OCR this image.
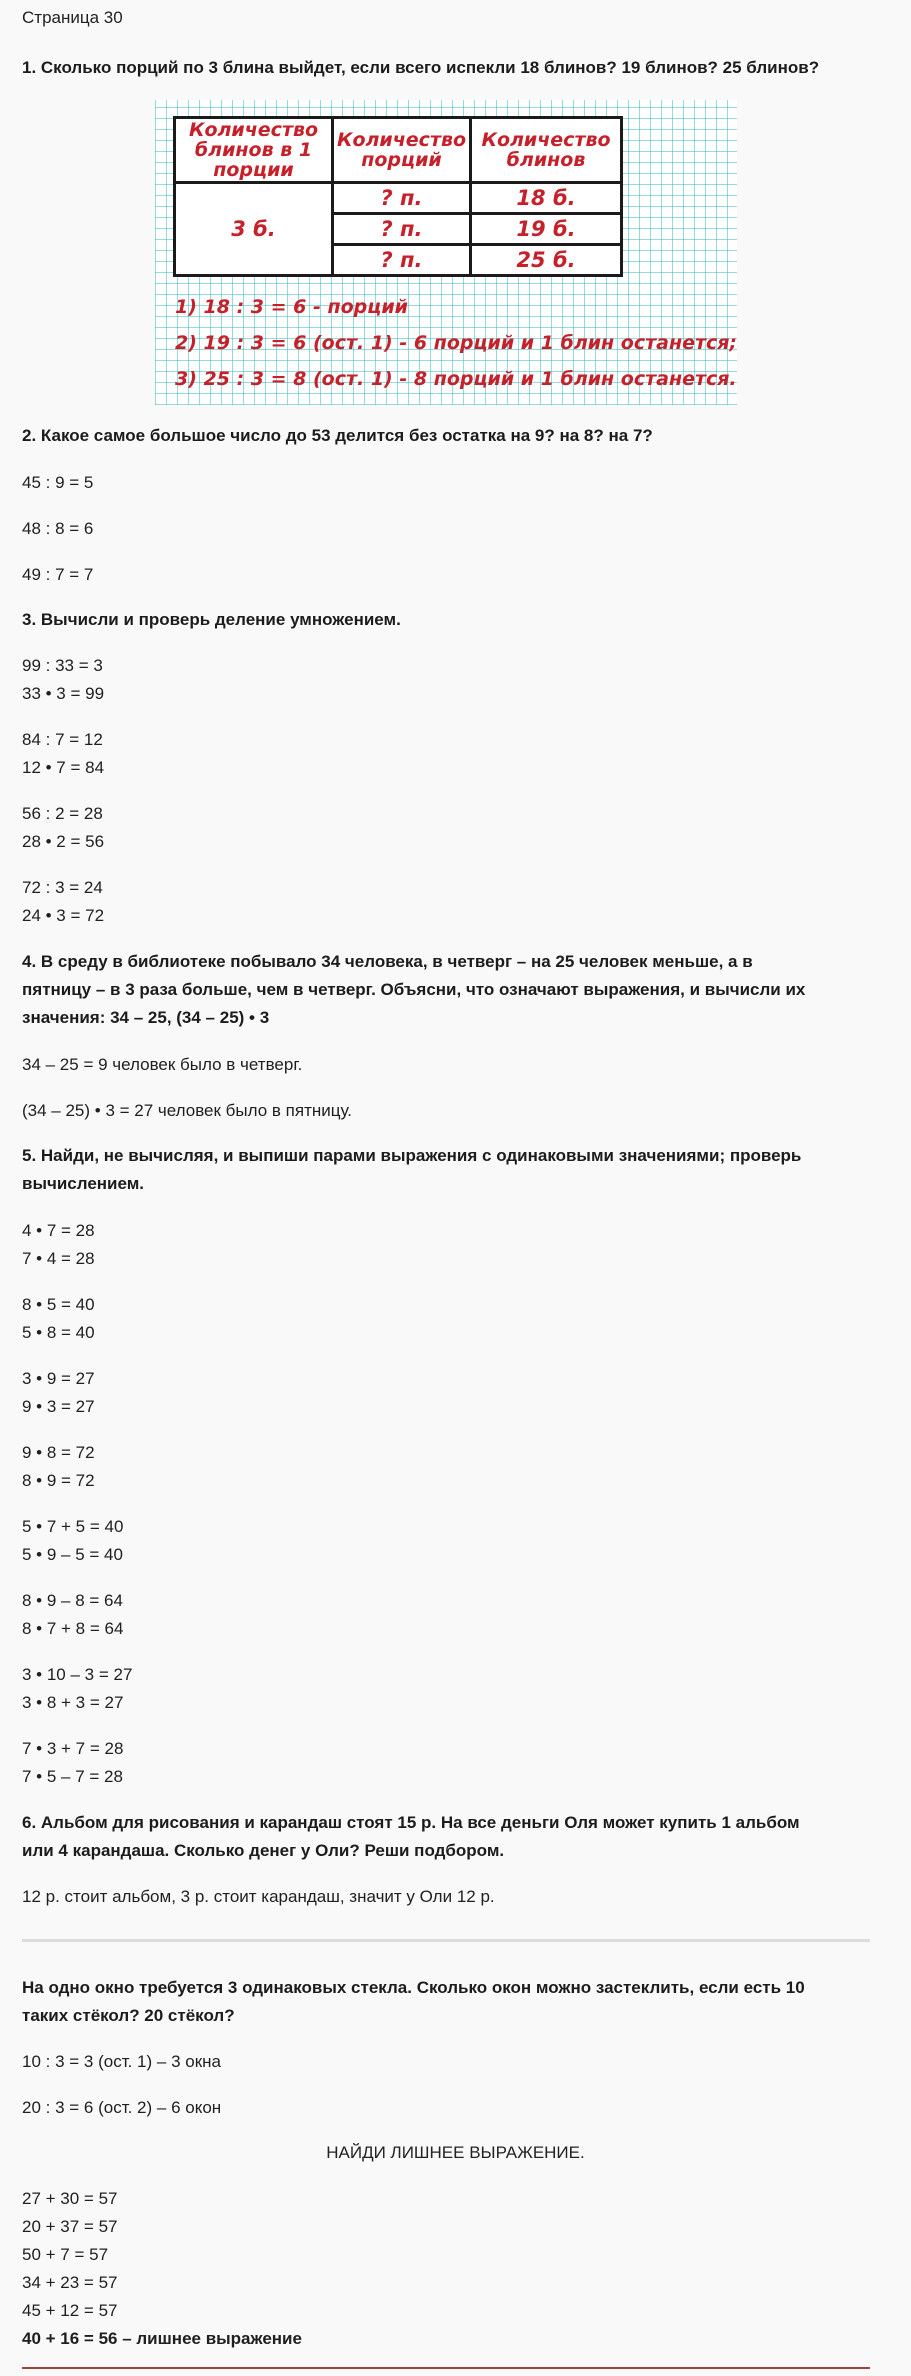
Страница 30
1. Сколько порций по 3 блина выйдет, если всего испекли 18 блинов? 19 блинов? 25 блинов?
Количество блинов в 1 порции	Количество порций	Количество блинов
3 б.	? п.	18 б.
	? п.	19 б.
	? п.	25 б.
1) 18 : 3 = 6 - порций
2) 19 : 3 = 6 (ост. 1) - 6 порций и 1 блин останется;
3) 25 : 3 = 8 (ост. 1) - 8 порций и 1 блин останется.
2. Какое самое большое число до 53 делится без остатка на 9? на 8? на 7?
45 : 9 = 5
48 : 8 = 6
49 : 7 = 7
3. Вычисли и проверь деление умножением.
99 : 33 = 3
33 • 3 = 99
84 : 7 = 12
12 • 7 = 84
56 : 2 = 28
28 • 2 = 56
72 : 3 = 24
24 • 3 = 72
4. В среду в библиотеке побывало 34 человека, в четверг – на 25 человек меньше, а в
пятницу – в 3 раза больше, чем в четверг. Объясни, что означают выражения, и вычисли их
значения: 34 – 25, (34 – 25) • 3
34 – 25 = 9 человек было в четверг.
(34 – 25) • 3 = 27 человек было в пятницу.
5. Найди, не вычисляя, и выпиши парами выражения с одинаковыми значениями; проверь
вычислением.
4 • 7 = 28
7 • 4 = 28
8 • 5 = 40
5 • 8 = 40
3 • 9 = 27
9 • 3 = 27
9 • 8 = 72
8 • 9 = 72
5 • 7 + 5 = 40
5 • 9 – 5 = 40
8 • 9 – 8 = 64
8 • 7 + 8 = 64
3 • 10 – 3 = 27
3 • 8 + 3 = 27
7 • 3 + 7 = 28
7 • 5 – 7 = 28
6. Альбом для рисования и карандаш стоят 15 р. На все деньги Оля может купить 1 альбом
или 4 карандаша. Сколько денег у Оли? Реши подбором.
12 р. стоит альбом, 3 р. стоит карандаш, значит у Оли 12 р.
На одно окно требуется 3 одинаковых стекла. Сколько окон можно застеклить, если есть 10
таких стёкол? 20 стёкол?
10 : 3 = 3 (ост. 1) – 3 окна
20 : 3 = 6 (ост. 2) – 6 окон
НАЙДИ ЛИШНЕЕ ВЫРАЖЕНИЕ.
27 + 30 = 57
20 + 37 = 57
50 + 7 = 57
34 + 23 = 57
45 + 12 = 57
40 + 16 = 56 – лишнее выражение
